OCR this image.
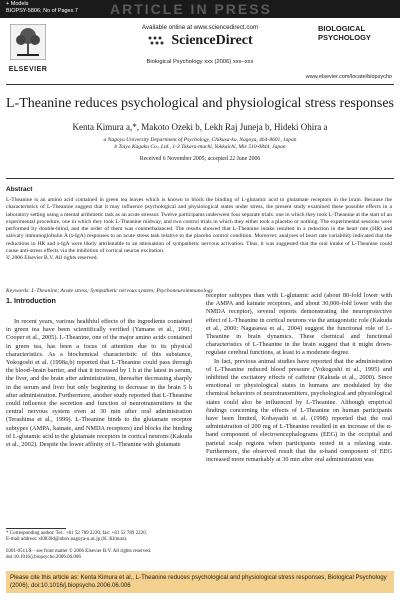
+ Models
BIOPSY-5806; No of Pages 7 ARTICLE IN PRESS
ELSEVIER
Available online at www.sciencedirect.com
ScienceDirect
Biological Psychology xxx (2006) xxx–xxx
BIOLOGICAL PSYCHOLOGY
www.elsevier.com/locate/biopsycho
L-Theanine reduces psychological and physiological stress responses
Kenta Kimura a,*, Makoto Ozeki b, Lekh Raj Juneja b, Hideki Ohira a
a Nagoya University Department of Psychology, Chikusa-ku, Nagoya, 464-8601, Japan
b Taiyo Kagaku Co., Ltd., 1-3 Takara-machi, Yokkaichi, Mie 510-0844, Japan
Received 6 November 2005; accepted 22 June 2006
Abstract

L-Theanine is an amino acid contained in green tea leaves which is known to block the binding of L-glutamic acid to glutamate receptors in the brain. Because the characteristics of L-Theanine suggest that it may influence psychological and physiological states under stress, the present study examined these possible effects in a laboratory setting using a mental arithmetic task as an acute stressor. Twelve participants underwent four separate trials: one in which they took L-Theanine at the start of an experimental procedure, one in which they took L-Theanine midway, and two control trials in which they either took a placebo or nothing. The experimental sessions were performed by double-blind, and the order of them was counterbalanced. The results showed that L-Theanine intake resulted in a reduction in the heart rate (HR) and salivary immunoglobulin A (s-IgA) responses to an acute stress task relative to the placebo control condition. Moreover, analyses of heart rate variability indicated that the reductions in HR and s-IgA were likely attributable to an attenuation of sympathetic nervous activation. Thus, it was suggested that the oral intake of L-Theanine could cause anti-stress effects via the inhibition of cortical neuron excitation.
© 2006 Elsevier B.V. All rights reserved.

Keywords: L-Theanine; Acute stress; Sympathetic nervous system; Psychoneuroimmunology
1. Introduction

In recent years, various healthful effects of the ingredients contained in green tea have been scientifically verified (Yamane et al., 1991; Cooper et al., 2005). L-Theanine, one of the major amino acids contained in green tea, has been a focus of attention due to its physical characteristics. As a biochemical characteristic of this substance, Yokogoshi et al. (1998a,b) reported that L-Theanine could pass through the blood–brain barrier, and that it increased by 1 h at the latest in serum, the liver, and the brain after administration, thereafter decreasing sharply in the serum and liver but only beginning to decrease in the brain 5 h after administration. Furthermore, another study reported that L-Theanine could influence the secretion and function of neurotransmitters in the central nervous system even at 30 min after oral administration (Terashima et al., 1999). L-Theanine binds to the glutamate receptor subtypes (AMPA, kainate, and NMDA receptors) and blocks the binding of L-glutamic acid to the glutamate receptors in cortical neurons (Kakuda et al., 2002). Despite the lower affinity of L-Theanine with glutamate

receptor subtypes than with L-glutamic acid (about 80-fold lower with the AMPA and kainate receptors, and about 30,000-fold lower with the NMDA receptor), several reports demonstrating the neuroprotective effect of L-Theanine in cortical neurons via the antagonistic role (Kakuda et al., 2000; Nagasawa et al., 2004) suggest the functional role of L-Theanine in brain dynamics. These chemical and functional characteristics of L-Theanine in the brain suggest that it might down-regulate cerebral functions, at least to a moderate degree.

In fact, previous animal studies have reported that the administration of L-Theanine reduced blood pressure (Yokogoshi et al., 1995) and inhibited the excitatory effects of caffeine (Kakuda et al., 2000). Since emotional or physiological states in humans are modulated by the chemical behaviors of neurotransmitters, psychological and physiological states could also be influenced by L-Theanine. Although empirical findings concerning the effects of L-Theanine on human participants have been limited, Kobayashi et al. (1998) reported that the oral administration of 200 mg of L-Theanine resulted in an increase of the α-band component of electroencephalograms (EEG) in the occipital and parietal scalp regions when participants rested in a relaxing state. Furthermore, the observed result that the α-band component of EEG increased more remarkably at 30 min after oral administration was

* Corresponding author. Tel.: +81 52 789 2220; fax: +81 52 789 2220.
E-mail address: xl0830d@nbox.nagoya-u.ac.jp (K. Kimura).
0301-0511/$ – see front matter © 2006 Elsevier B.V. All rights reserved.
doi:10.1016/j.biopsycho.2006.06.006
Please cite this article as: Kenta Kimura et al., L-Theanine reduces psychological and physiological stress responses, Biological Psychology (2006), doi:10.1016/j.biopsycho.2006.06.006
